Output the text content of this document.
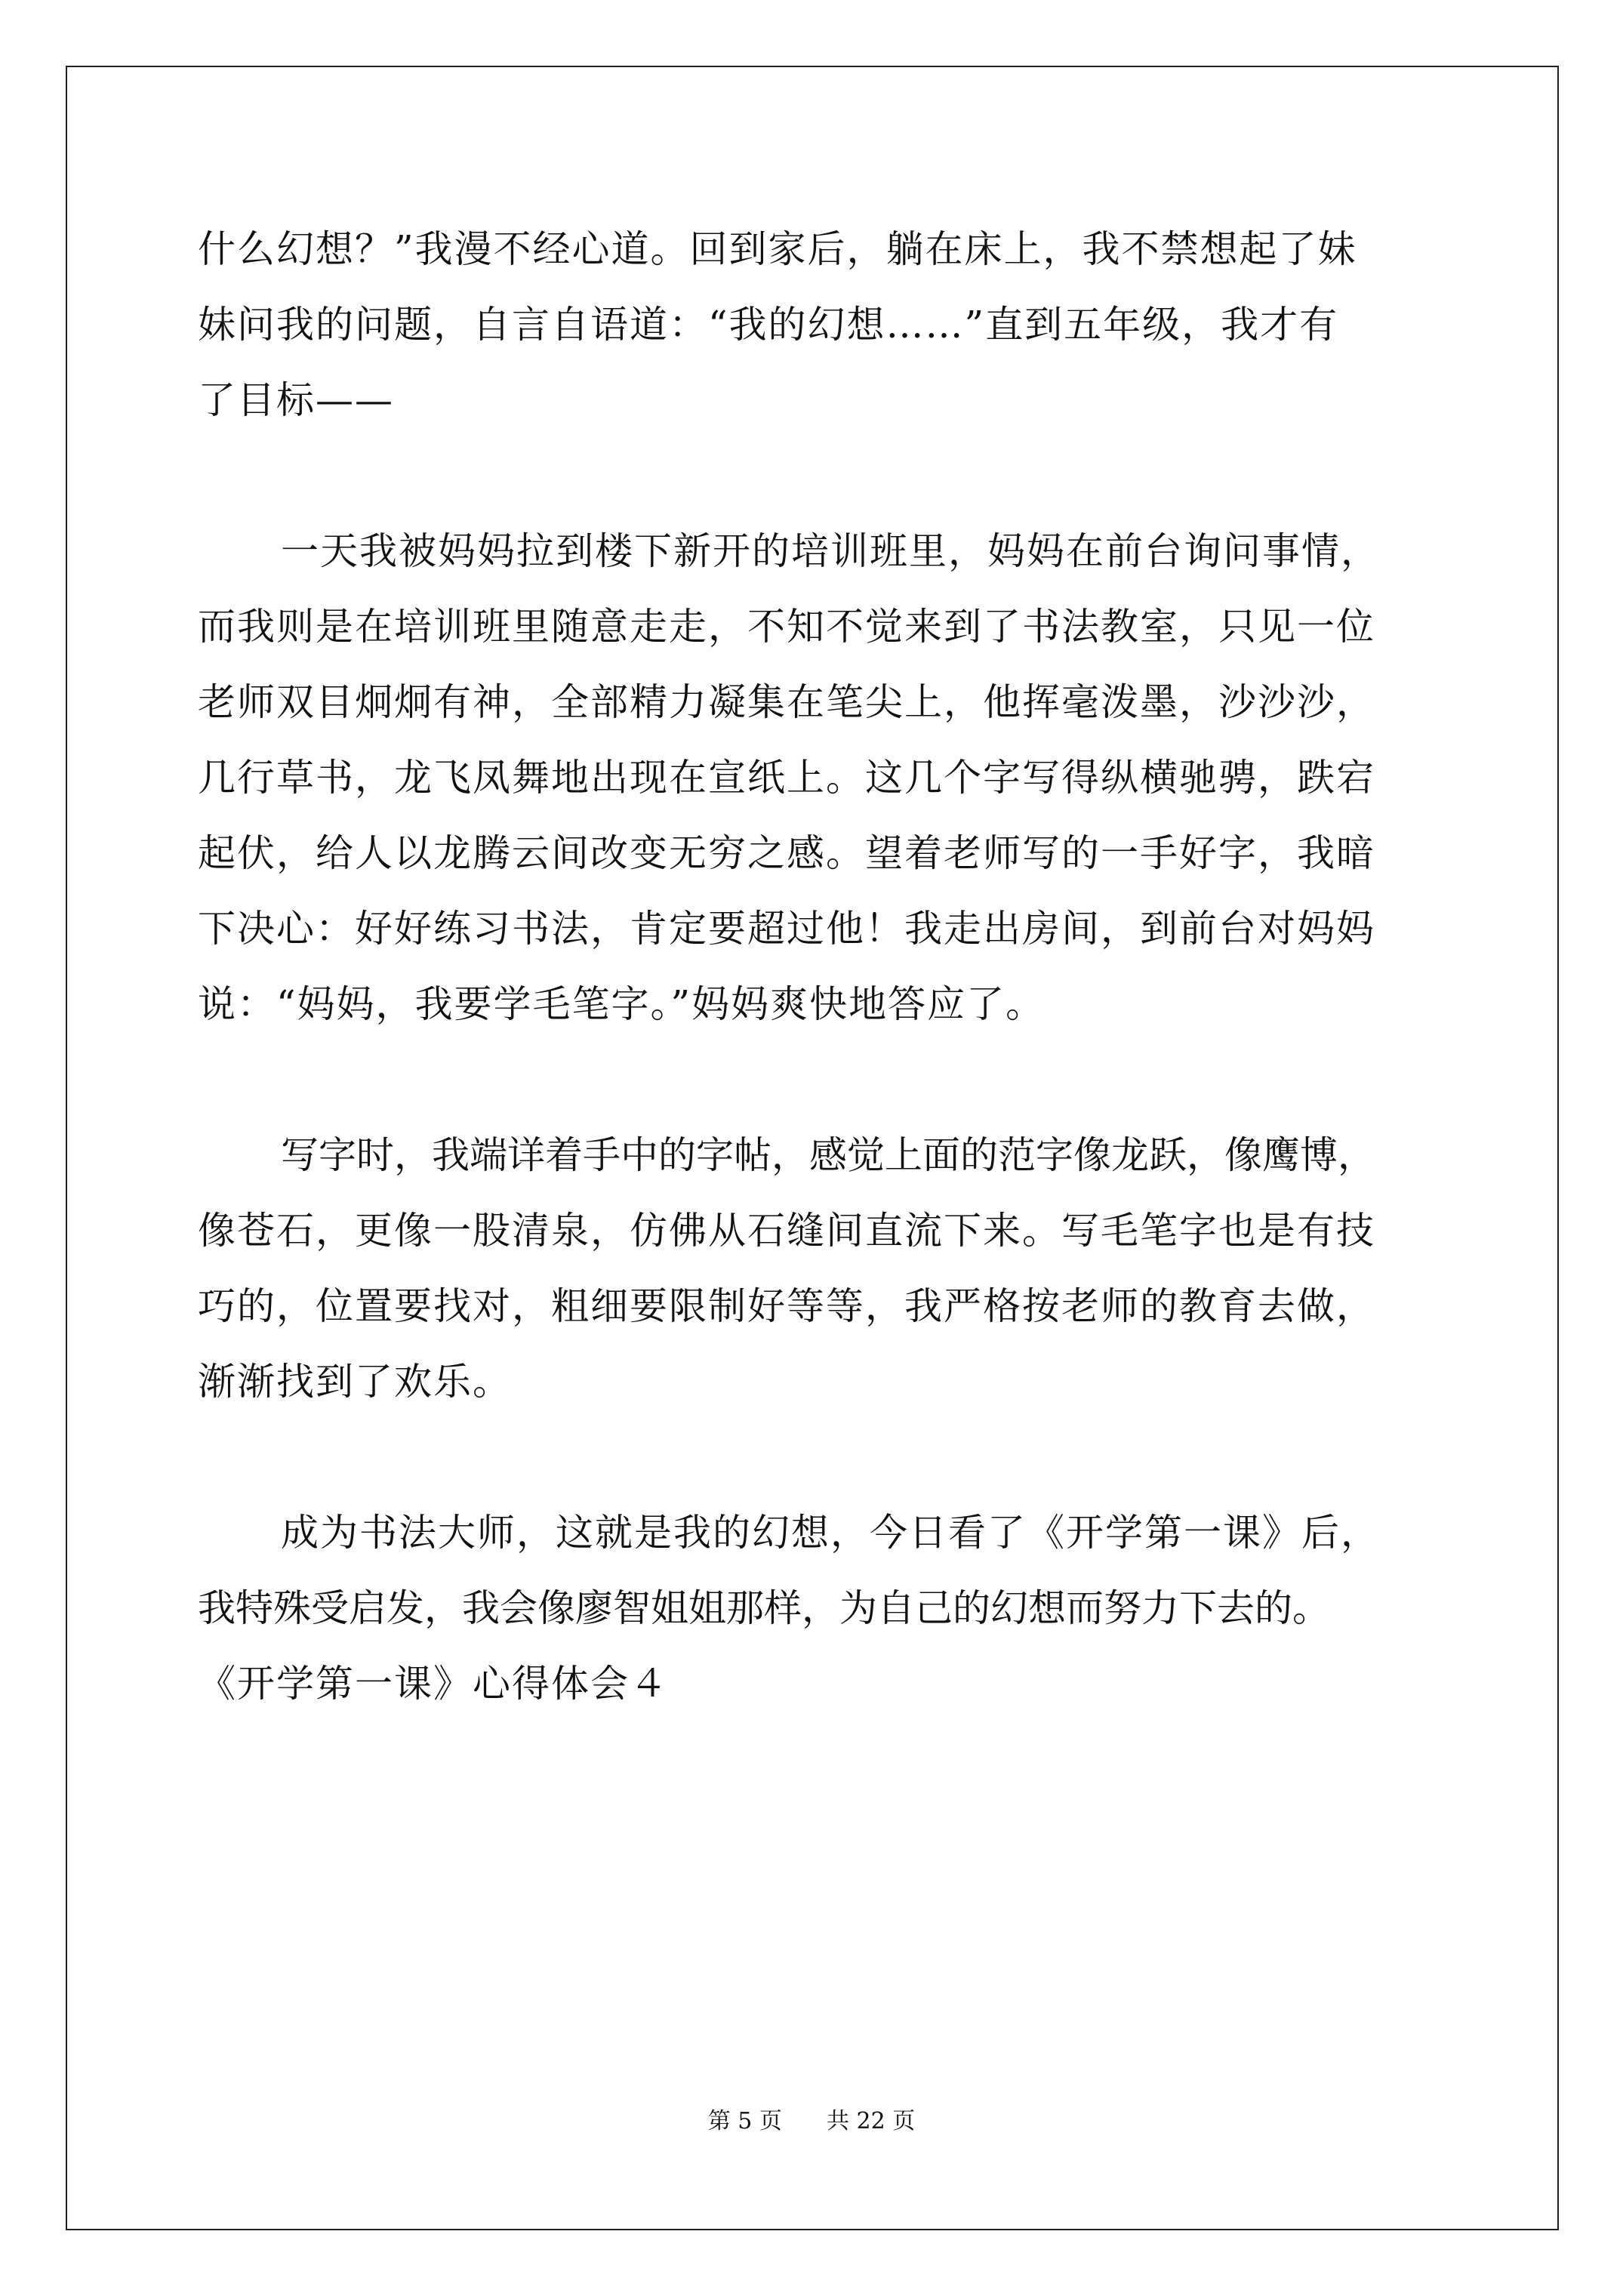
什么幻想？”我漫不经心道。回到家后，躺在床上，我不禁想起了妹
妹问我的问题，自言自语道：“我的幻想……”直到五年级，我才有
了目标——
一天我被妈妈拉到楼下新开的培训班里，妈妈在前台询问事情，
而我则是在培训班里随意走走，不知不觉来到了书法教室，只见一位
老师双目炯炯有神，全部精力凝集在笔尖上，他挥毫泼墨，沙沙沙，
几行草书，龙飞凤舞地出现在宣纸上。这几个字写得纵横驰骋，跌宕
起伏，给人以龙腾云间改变无穷之感。望着老师写的一手好字，我暗
下决心：好好练习书法，肯定要超过他！我走出房间，到前台对妈妈
说：“妈妈，我要学毛笔字。”妈妈爽快地答应了。
写字时，我端详着手中的字帖，感觉上面的范字像龙跃，像鹰博，
像苍石，更像一股清泉，仿佛从石缝间直流下来。写毛笔字也是有技
巧的，位置要找对，粗细要限制好等等，我严格按老师的教育去做，
渐渐找到了欢乐。
成为书法大师，这就是我的幻想，今日看了《开学第一课》后，
我特殊受启发，我会像廖智姐姐那样，为自己的幻想而努力下去的。
《开学第一课》心得体会４
第 5 页 共 22 页
